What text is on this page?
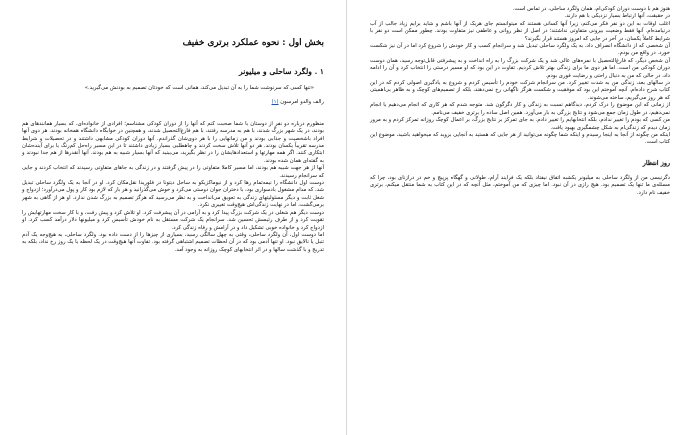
بخش اول : نحوه عملکرد برتری خفیف

۱ . ولگرد ساحلی و میلیونر

«تنها کسی که سرنوشت شما را به آن تبدیل می‌کند، همانی است که خودتان تصمیم به بودنش می‌گیرید.»

رالف والدو امرسون (۱)

منظورم درباره دو نفر از دوستان با شما صحبت کنم که آنها را از دوران کودکی مشناسم؛ افرادی از خانواده‌ای، که بسیار همانندهای هم بودند، در یک شهر بزرگ شدند، با هم به مدرسه رفتند، با هم فارغ‌التحصیل شدند، و همچنین در خوابگاه دانشگاه همخانه بودند. هر دوی آنها افراد باشخصیت و جذابی بودند و من زمانهایی را با هر دوی‌شان گذراندم. آنها دوران کودکی مشابهی داشتند و در تحصیلات و شرایط مدرسه تقریباً یکسان بودند. هر دو آنها تلاش سخت کردند و چاهطلبی بسیار زیادی داشتند تا در این مسیر راه‌حل کم‌رنگ یا برای آینده‌شان ابتکاری کنند. اگر همه مهارتها و استعدادهایشان را در نظر بگیرید، می‌بینید که آنها بسیار شبیه به هم بودند. آنها آنقدرها از هم جدا نبودند و به گفته‌ای همان شده بودند.

آنها از هر جهت شبیه هم بودند، اما مسیر کاملا متفاوتی را در پیش گرفتند و در زندگی به جاهای متفاوتی رسیدند که انتخاب کردند و جایی که سرانجام رسیدند.

دوست اول دانشگاه را نیمه‌تمام رها کرد و از نیوماکزیکو به ساحل دیتونا در فلوریدا نقل‌مکان کرد. او در آنجا به یک ولگرد ساحلی تبدیل شد، که مدام مشغول بادسواری بود، با دختران جوان دوستی می‌کرد و خوش می‌گذرانید و هر بار که لازم بود کار و پول می‌درآورد؛ ازدواج و شغل ثابت و دیگر مسئولیتهای زندگی به تعویق می‌انداخت و به نظر می‌رسید که هرگز تصمیم به بزرگ شدن ندارد. او هر از گاهی به شهر برمی‌گشت، اما در نهایت زندگی‌اش هیچ‌وقت تغییری نکرد.

دوست دیگر هم شغلی در یک شرکت بزرگ پیدا کرد و به آرامی در آن پیشرفت کرد. او تلاش کرد و پیش رفت، و با کار سخت مهارتهایش را تقویت کرد و از طرف رئیسش تحسین شد. سرانجام یک شرکت مستقل به نام خودش تأسیس کرد و میلیونها دلار درآمد کسب کرد. او ازدواج کرد و خانواده خوبی تشکیل داد و در آرامش و رفاه زندگی کرد.

اما دوست اول، آن ولگرد ساحلی، وقتی به چهل سالگی رسید، بسیاری از چیزها را از دست داده بود. ولگرد ساحلی، به هیچ‌وجه یک آدم تنبل یا نالایق نبود. او تنها آدمی بود که در آن لحظات تصمیم اشتباهی گرفته بود. تفاوت آنها هیچ‌وقت در یک لحظه یا یک روز رخ نداد، بلکه به تدریج و با گذشت سالها و در اثر انتخابهای کوچک روزانه به وجود آمد.

هنوز هم با دوست دوران کودکی‌ام، همان ولگرد ساحلی، در تماس است.

در حقیقت، آنها ارتباط بسیار نزدیکی با هم دارند.

اغلب اوقات به این دو نفر فکر می‌کنم، زیرا آنها کسانی هستند که میتوانستم جای هریک از آنها باشم و شاید برایم زیاد جالب از آب درنیامده‌ام. آنها فقط وضعیت بیرونی متفاوتی نداشتند؛ در اصل از نظر روانی و عاطفی نیز متفاوت بودند. چطور ممکن است دو نفر با شرایط کاملاً یکسان، در آخر در جایی که امروز هستند قرار بگیرند؟

آن شخصی که از دانشگاه انصراف داد، به یک ولگرد ساحلی تبدیل شد و سرانجام کسب و کار خودش را شروع کرد اما در آن نیز شکست خورد. در واقع من بودم.

آن شخص دیگر، که فارغ‌التحصیل با نمره‌های عالی شد و یک شرکت بزرگ را به راه انداخت و به پیشرفتی قابل‌توجه رسید، همان دوست دوران کودکی من است. اما هر دوی ما برای زندگی بهتر تلاش کردیم. تفاوت در این بود که او مسیر درستی را انتخاب کرد و آن را ادامه داد، در حالی که من به دنبال راحتی و رضایت فوری بودم.

در سالهای بعد، زندگی من به شدت تغییر کرد. من سرانجام شرکت خودم را تأسیس کردم و شروع به یادگیری اصولی کردم که در این کتاب شرح داده‌ام. آنچه آموختم این بود که موفقیت و شکست هرگز ناگهانی رخ نمی‌دهند، بلکه از تصمیم‌های کوچک و به ظاهر بی‌اهمیتی که هر روز می‌گیریم، ساخته می‌شوند.

از زمانی که این موضوع را درک کردم، دیدگاهم نسبت به زندگی و کار دگرگون شد. متوجه شدم که هر کاری که انجام می‌دهیم یا انجام نمی‌دهیم، در طول زمان جمع می‌شود و نتایج بزرگی به بار می‌آورد. همین اصل ساده را برتری خفیف می‌نامم.

من کسی که بودم را تغییر ندادم، بلکه انتخابهایم را تغییر دادم. به جای تمرکز بر نتایج بزرگ، بر اعمال کوچک روزانه تمرکز کردم و به مرور زمان دیدم که زندگی‌ام به شکل چشمگیری بهبود یافت.

اینکه من چگونه از آنجا به اینجا رسیدم و اینکه شما چگونه می‌توانید از هر جایی که هستید به آنجایی بروید که میخواهید باشید، موضوع این کتاب است.

روز انتظار

دگرنیسی من از ولگرد ساحلی به میلیونر یکشبه اتفاق نیفتاد بلکه یک فرایند آرام، طولانی و گهگاه پرپیچ و خم در درازنای بود، چرا که مسئله‌ی ما تنها یک تصمیم بود. هیچ رازی در آن نبود. اما چیزی که من آموختم، مثل آنچه که در این کتاب به شما منتقل میکنم، برتری خفیف نام دارد.
